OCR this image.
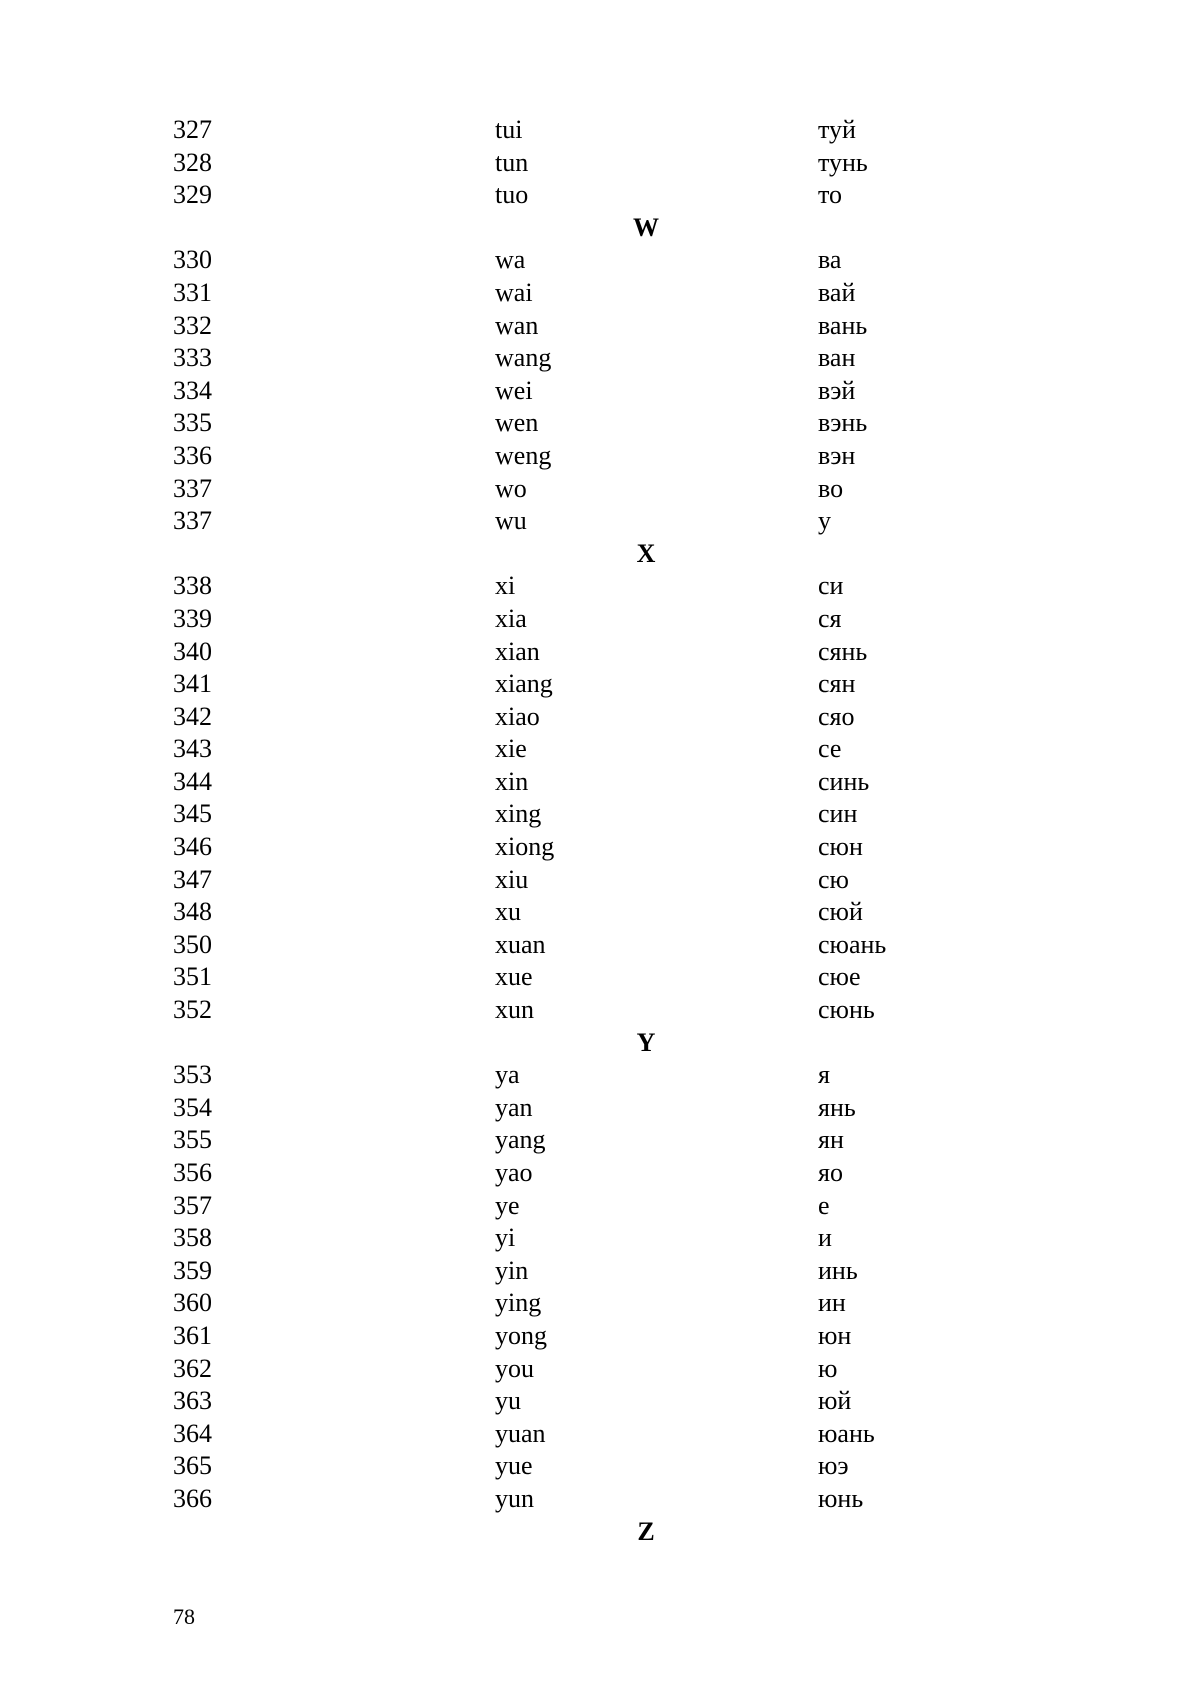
327	tui	туй
328	tun	тунь
329	tuo	то
W
330	wa	ва
331	wai	вай
332	wan	вань
333	wang	ван
334	wei	вэй
335	wen	вэнь
336	weng	вэн
337	wo	во
337	wu	у
X
338	xi	си
339	xia	ся
340	xian	сянь
341	xiang	сян
342	xiao	сяо
343	xie	се
344	xin	синь
345	xing	син
346	xiong	сюн
347	xiu	сю
348	xu	сюй
350	xuan	сюань
351	xue	сюе
352	xun	сюнь
Y
353	ya	я
354	yan	янь
355	yang	ян
356	yao	яо
357	ye	е
358	yi	и
359	yin	инь
360	ying	ин
361	yong	юн
362	you	ю
363	yu	юй
364	yuan	юань
365	yue	юэ
366	yun	юнь
Z
78
